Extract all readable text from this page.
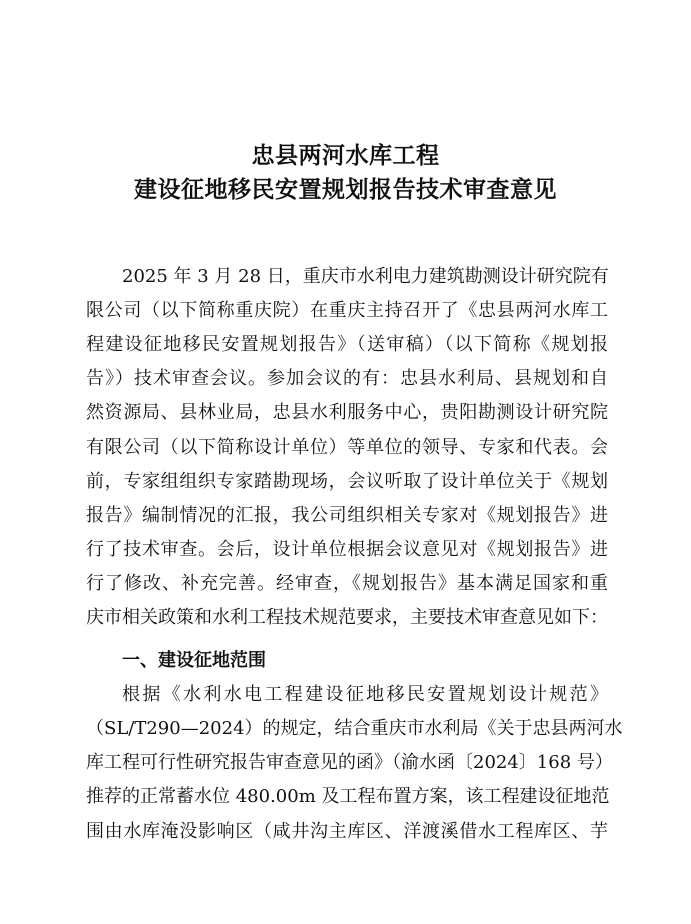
忠县两河水库工程
建设征地移民安置规划报告技术审查意见

2025 年 3 月 28 日，重庆市水利电力建筑勘测设计研究院有

限公司（以下简称重庆院）在重庆主持召开了《忠县两河水库工

程建设征地移民安置规划报告》（送审稿）（以下简称《规划报

告》）技术审查会议。参加会议的有：忠县水利局、县规划和自

然资源局、县林业局，忠县水利服务中心，贵阳勘测设计研究院

有限公司（以下简称设计单位）等单位的领导、专家和代表。会

前，专家组组织专家踏勘现场，会议听取了设计单位关于《规划

报告》编制情况的汇报，我公司组织相关专家对《规划报告》进

行了技术审查。会后，设计单位根据会议意见对《规划报告》进

行了修改、补充完善。经审查，《规划报告》基本满足国家和重

庆市相关政策和水利工程技术规范要求，主要技术审查意见如下：

一、建设征地范围

根据《水利水电工程建设征地移民安置规划设计规范》

（SL/T290—2024）的规定，结合重庆市水利局《关于忠县两河水

库工程可行性研究报告审查意见的函》（渝水函〔2024〕168 号）

推荐的正常蓄水位 480.00m 及工程布置方案，该工程建设征地范

围由水库淹没影响区（咸井沟主库区、洋渡溪借水工程库区、芋
